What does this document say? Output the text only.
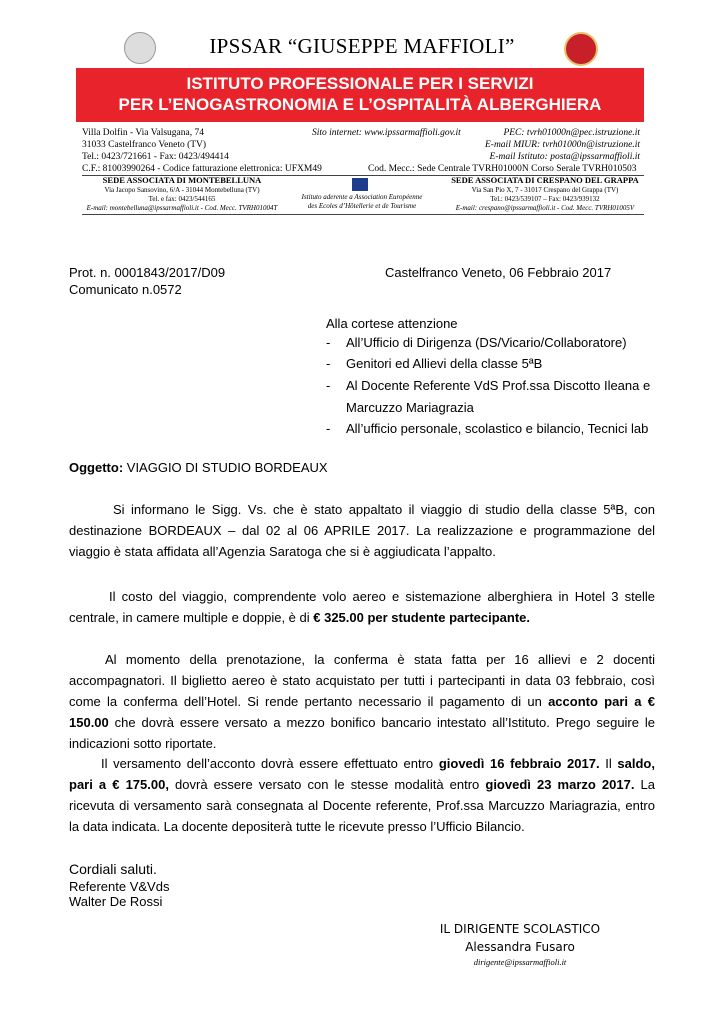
IPSSAR “GIUSEPPE MAFFIOLI”
ISTITUTO PROFESSIONALE PER I SERVIZI
PER L’ENOGASTRONOMIA E L’OSPITALITÀ ALBERGHIERA
Villa Dolfin - Via Valsugana, 74
31033 Castelfranco Veneto (TV)
Tel.: 0423/721661 - Fax: 0423/494414
C.F.: 81003990264 - Codice fatturazione elettronica: UFXM49
Sito internet: www.ipssarmaffioli.gov.it	PEC: tvrh01000n@pec.istruzione.it
E-mail MIUR: tvrh01000n@istruzione.it
E-mail Istituto: posta@ipssarmaffioli.it
Cod. Mecc.: Sede Centrale TVRH01000N Corso Serale TVRH010503
SEDE ASSOCIATA DI MONTEBELLUNA
Via Jacopo Sansovino, 6/A - 31044 Montebelluna (TV)
Tel. e fax: 0423/544165
E-mail: montebelluna@ipssarmaffioli.it - Cod. Mecc. TVRH01004T
Istituto aderente a Association Européenne
des Ecoles d’Hôtellerie et de Tourisme
SEDE ASSOCIATA DI CRESPANO DEL GRAPPA
Via San Pio X, 7 - 31017 Crespano del Grappa (TV)
Tel.: 0423/539107 – Fax: 0423/939132
E-mail: crespano@ipssarmaffioli.it - Cod. Mecc. TVRH01005V
Prot. n. 0001843/2017/D09
Comunicato n.0572
Castelfranco Veneto, 06 Febbraio 2017
Alla cortese attenzione
- All’Ufficio di Dirigenza (DS/Vicario/Collaboratore)
- Genitori ed Allievi della classe 5ªB
- Al Docente Referente VdS Prof.ssa Discotto Ileana e
Marcuzzo Mariagrazia
- All’ufficio personale, scolastico e bilancio, Tecnici lab
Oggetto: VIAGGIO DI STUDIO BORDEAUX
Si informano le Sigg. Vs. che è stato appaltato il viaggio di studio della classe 5ªB, con destinazione BORDEAUX – dal 02 al 06 APRILE 2017. La realizzazione e programmazione del viaggio è stata affidata all’Agenzia Saratoga che si è aggiudicata l’appalto.
Il costo del viaggio, comprendente volo aereo e sistemazione alberghiera in Hotel 3 stelle centrale, in camere multiple e doppie, è di € 325.00 per studente partecipante.
Al momento della prenotazione, la conferma è stata fatta per 16 allievi e 2 docenti accompagnatori. Il biglietto aereo è stato acquistato per tutti i partecipanti in data 03 febbraio, così come la conferma dell’Hotel. Si rende pertanto necessario il pagamento di un acconto pari a € 150.00 che dovrà essere versato a mezzo bonifico bancario intestato all’Istituto. Prego seguire le indicazioni sotto riportate.
Il versamento dell’acconto dovrà essere effettuato entro giovedì 16 febbraio 2017. Il saldo, pari a € 175.00, dovrà essere versato con le stesse modalità entro giovedì 23 marzo 2017. La ricevuta di versamento sarà consegnata al Docente referente, Prof.ssa Marcuzzo Mariagrazia, entro la data indicata. La docente depositerà tutte le ricevute presso l’Ufficio Bilancio.
Cordiali saluti.
Referente V&Vds
Walter De Rossi
IL DIRIGENTE SCOLASTICO
Alessandra Fusaro
dirigente@ipssarmaffioli.it
